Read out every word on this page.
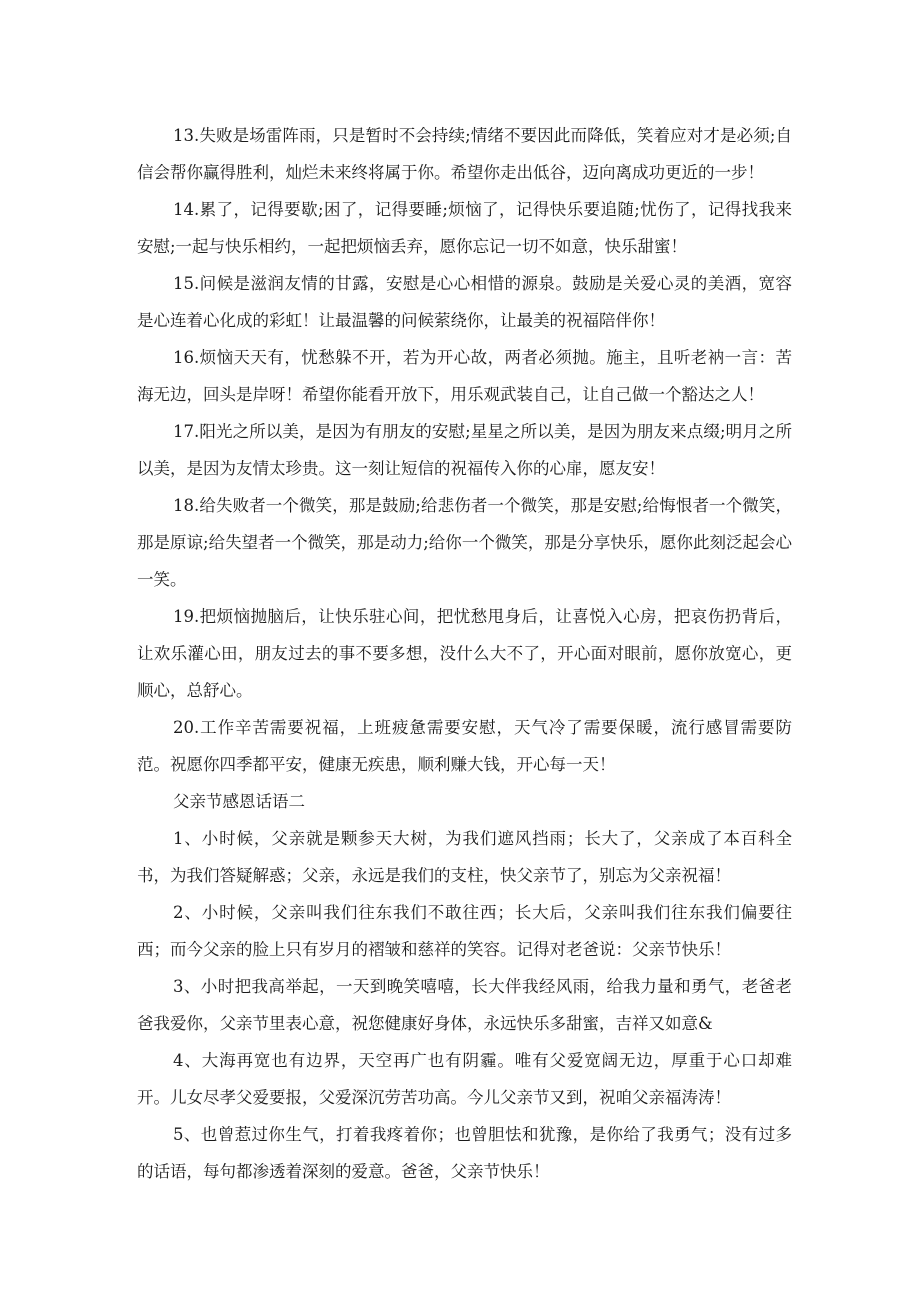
13.失败是场雷阵雨，只是暂时不会持续;情绪不要因此而降低，笑着应对才是必须;自信会帮你赢得胜利，灿烂未来终将属于你。希望你走出低谷，迈向离成功更近的一步！

14.累了，记得要歇;困了，记得要睡;烦恼了，记得快乐要追随;忧伤了，记得找我来安慰;一起与快乐相约，一起把烦恼丢弃，愿你忘记一切不如意，快乐甜蜜！

15.问候是滋润友情的甘露，安慰是心心相惜的源泉。鼓励是关爱心灵的美酒，宽容是心连着心化成的彩虹！让最温馨的问候萦绕你，让最美的祝福陪伴你！

16.烦恼天天有，忧愁躲不开，若为开心故，两者必须抛。施主，且听老衲一言：苦海无边，回头是岸呀！希望你能看开放下，用乐观武装自己，让自己做一个豁达之人！

17.阳光之所以美，是因为有朋友的安慰;星星之所以美，是因为朋友来点缀;明月之所以美，是因为友情太珍贵。这一刻让短信的祝福传入你的心扉，愿友安！

18.给失败者一个微笑，那是鼓励;给悲伤者一个微笑，那是安慰;给悔恨者一个微笑，那是原谅;给失望者一个微笑，那是动力;给你一个微笑，那是分享快乐，愿你此刻泛起会心一笑。

19.把烦恼抛脑后，让快乐驻心间，把忧愁甩身后，让喜悦入心房，把哀伤扔背后，让欢乐灌心田，朋友过去的事不要多想，没什么大不了，开心面对眼前，愿你放宽心，更顺心，总舒心。

20.工作辛苦需要祝福，上班疲惫需要安慰，天气冷了需要保暖，流行感冒需要防范。祝愿你四季都平安，健康无疾患，顺利赚大钱，开心每一天！

父亲节感恩话语二

1、小时候，父亲就是颗参天大树，为我们遮风挡雨；长大了，父亲成了本百科全书，为我们答疑解惑；父亲，永远是我们的支柱，快父亲节了，别忘为父亲祝福！

2、小时候，父亲叫我们往东我们不敢往西；长大后，父亲叫我们往东我们偏要往西；而今父亲的脸上只有岁月的褶皱和慈祥的笑容。记得对老爸说：父亲节快乐！

3、小时把我高举起，一天到晚笑嘻嘻，长大伴我经风雨，给我力量和勇气，老爸老爸我爱你，父亲节里表心意，祝您健康好身体，永远快乐多甜蜜，吉祥又如意&

4、大海再宽也有边界，天空再广也有阴霾。唯有父爱宽阔无边，厚重于心口却难开。儿女尽孝父爱要报，父爱深沉劳苦功高。今儿父亲节又到，祝咱父亲福涛涛！

5、也曾惹过你生气，打着我疼着你；也曾胆怯和犹豫，是你给了我勇气；没有过多的话语，每句都渗透着深刻的爱意。爸爸，父亲节快乐！
